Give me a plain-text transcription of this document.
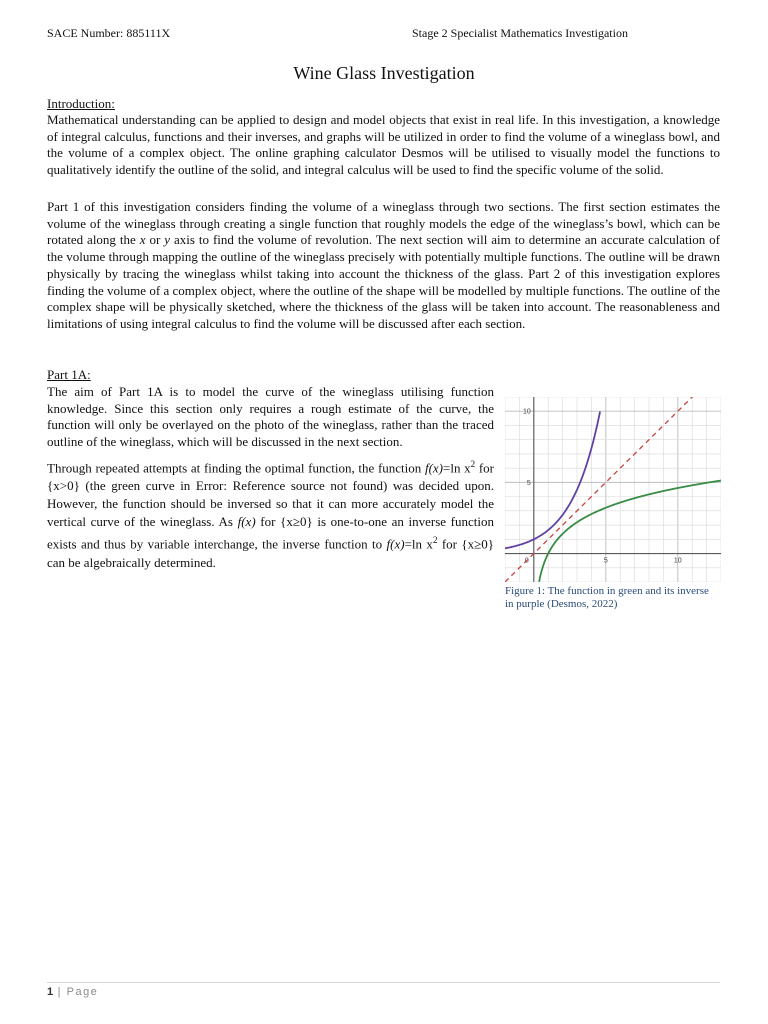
SACE Number: 885111X	Stage 2 Specialist Mathematics Investigation
Wine Glass Investigation
Introduction:

Mathematical understanding can be applied to design and model objects that exist in real life. In this investigation, a knowledge of integral calculus, functions and their inverses, and graphs will be utilized in order to find the volume of a wineglass bowl, and the volume of a complex object. The online graphing calculator Desmos will be utilised to visually model the functions to qualitatively identify the outline of the solid, and integral calculus will be used to find the specific volume of the solid.

Part 1 of this investigation considers finding the volume of a wineglass through two sections. The first section estimates the volume of the wineglass through creating a single function that roughly models the edge of the wineglass’s bowl, which can be rotated along the x or y axis to find the volume of revolution. The next section will aim to determine an accurate calculation of the volume through mapping the outline of the wineglass precisely with potentially multiple functions. The outline will be drawn physically by tracing the wineglass whilst taking into account the thickness of the glass. Part 2 of this investigation explores finding the volume of a complex object, where the outline of the shape will be modelled by multiple functions. The outline of the complex shape will be physically sketched, where the thickness of the glass will be taken into account. The reasonableness and limitations of using integral calculus to find the volume will be discussed after each section.

Part 1A:

The aim of Part 1A is to model the curve of the wineglass utilising function knowledge. Since this section only requires a rough estimate of the curve, the function will only be overlayed on the photo of the wineglass, rather than the traced outline of the wineglass, which will be discussed in the next section.

Through repeated attempts at finding the optimal function, the function f(x)=ln $x^2$ for {x>0} (the green curve in Error: Reference source not found) was decided upon. However, the function should be inversed so that it can more accurately model the vertical curve of the wineglass. As f(x) for {x≥0} is one-to-one an inverse function exists and thus by variable interchange, the inverse function to f(x)=ln $x^2$ for {x≥0} can be algebraically determined.	0	5	10
5
10
Figure 1: The function in green and its inverse in purple (Desmos, 2022)
1 | Page
